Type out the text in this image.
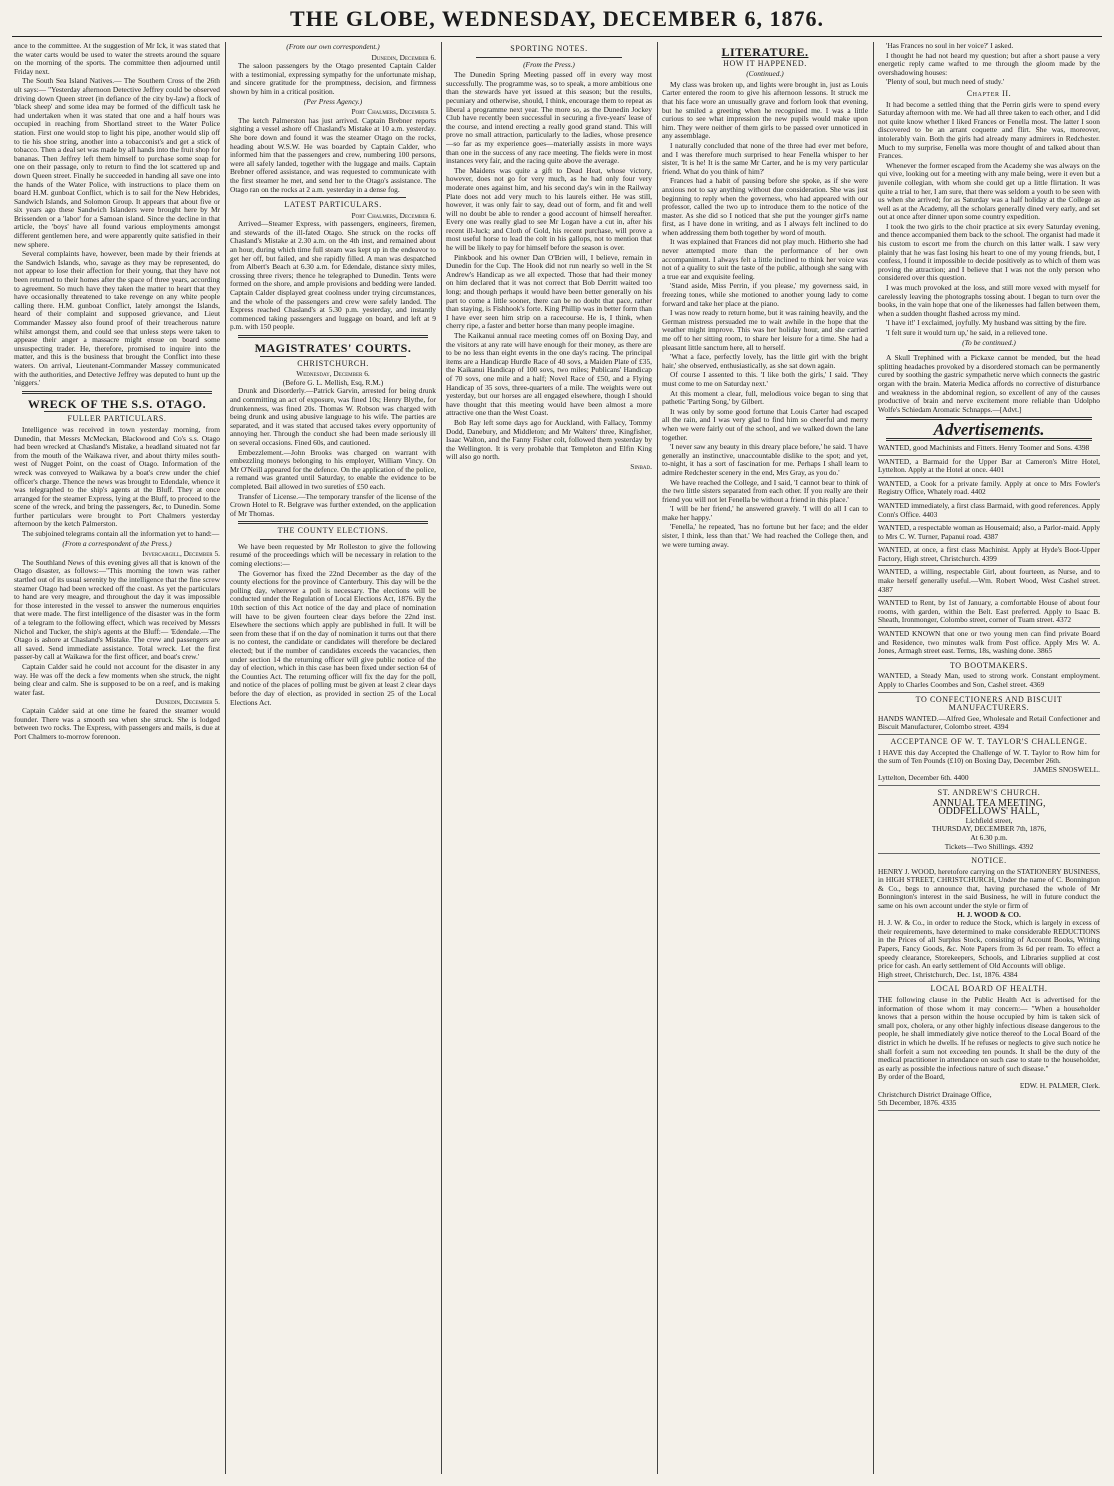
THE GLOBE, WEDNESDAY, DECEMBER 6, 1876.

ance to the committee. At the suggestion of Mr Ick, it was stated that the water carts would be used to water the streets around the square on the morning of the sports. The committee then adjourned until Friday next.

The South Sea Island Natives.— The Southern Cross of the 26th ult says:— "Yesterday afternoon Detective Jeffrey could be observed driving down Queen street (in defiance of the city by-law) a flock of 'black sheep' and some idea may be formed of the difficult task he had undertaken when it was stated that one and a half hours was occupied in reaching from Shortland street to the Water Police station. First one would stop to light his pipe, another would slip off to tie his shoe string, another into a tobacconist's and get a stick of tobacco. Then a deal set was made by all hands into the fruit shop for bananas. Then Jeffrey left them himself to purchase some soap for one on their passage, only to return to find the lot scattered up and down Queen street. Finally he succeeded in handing all save one into the hands of the Water Police, with instructions to place them on board H.M. gunboat Conflict, which is to sail for the New Hebrides, Sandwich Islands, and Solomon Group. It appears that about five or six years ago these Sandwich Islanders were brought here by Mr Brissenden or a 'labor' for a Samoan island. Since the decline in that article, the 'boys' have all found various employments amongst different gentlemen here, and were apparently quite satisfied in their new sphere.

Several complaints have, however, been made by their friends at the Sandwich Islands, who, savage as they may be represented, do not appear to lose their affection for their young, that they have not been returned to their homes after the space of three years, according to agreement. So much have they taken the matter to heart that they have occasionally threatened to take revenge on any white people calling there. H.M. gunboat Conflict, lately amongst the Islands, heard of their complaint and supposed grievance, and Lieut Commander Massey also found proof of their treacherous nature whilst amongst them, and could see that unless steps were taken to appease their anger a massacre might ensue on board some unsuspecting trader. He, therefore, promised to inquire into the matter, and this is the business that brought the Conflict into these waters. On arrival, Lieutenant-Commander Massey communicated with the authorities, and Detective Jeffrey was deputed to hunt up the 'niggers.'

WRECK OF THE S.S. OTAGO.
FULLER PARTICULARS.

Intelligence was received in town yesterday morning, from Dunedin, that Messrs McMeckan, Blackwood and Co's s.s. Otago had been wrecked at Chasland's Mistake, a headland situated not far from the mouth of the Waikawa river, and about thirty miles south-west of Nugget Point, on the coast of Otago. Information of the wreck was conveyed to Waikawa by a boat's crew under the chief officer's charge. Thence the news was brought to Edendale, whence it was telegraphed to the ship's agents at the Bluff. They at once arranged for the steamer Express, lying at the Bluff, to proceed to the scene of the wreck, and bring the passengers, &c, to Dunedin. Some further particulars were brought to Port Chalmers yesterday afternoon by the ketch Palmerston.

The subjoined telegrams contain all the information yet to hand:—

(From a correspondent of the Press.)
Invercargill, December 5.

The Southland News of this evening gives all that is known of the Otago disaster, as follows:—"This morning the town was rather startled out of its usual serenity by the intelligence that the fine screw steamer Otago had been wrecked off the coast. As yet the particulars to hand are very meagre, and throughout the day it was impossible for those interested in the vessel to answer the numerous enquiries that were made. The first intelligence of the disaster was in the form of a telegram to the following effect, which was received by Messrs Nichol and Tucker, the ship's agents at the Bluff:— 'Edendale.—The Otago is ashore at Chasland's Mistake. The crew and passengers are all saved. Send immediate assistance. Total wreck. Let the first passer-by call at Waikawa for the first officer, and boat's crew.'

Captain Calder said he could not account for the disaster in any way. He was off the deck a few moments when she struck, the night being clear and calm. She is supposed to be on a reef, and is making water fast.

Dunedin, December 5.

Captain Calder said at one time he feared the steamer would founder. There was a smooth sea when she struck. She is lodged between two rocks. The Express, with passengers and mails, is due at Port Chalmers to-morrow forenoon.

(From our own correspondent.)
Dunedin, December 6.

The saloon passengers by the Otago presented Captain Calder with a testimonial, expressing sympathy for the unfortunate mishap, and sincere gratitude for the promptness, decision, and firmness shown by him in a critical position.

(Per Press Agency.)
Port Chalmers, December 5.

The ketch Palmerston has just arrived. Captain Brebner reports sighting a vessel ashore off Chasland's Mistake at 10 a.m. yesterday. She bore down and found it was the steamer Otago on the rocks, heading about W.S.W. He was boarded by Captain Calder, who informed him that the passengers and crew, numbering 100 persons, were all safely landed, together with the luggage and mails. Captain Brebner offered assistance, and was requested to communicate with the first steamer he met, and send her to the Otago's assistance. The Otago ran on the rocks at 2 a.m. yesterday in a dense fog.

LATEST PARTICULARS.
Port Chalmers, December 6.

Arrived—Steamer Express, with passengers, engineers, firemen, and stewards of the ill-fated Otago. She struck on the rocks off Chasland's Mistake at 2.30 a.m. on the 4th inst, and remained about an hour, during which time full steam was kept up in the endeavor to get her off, but failed, and she rapidly filled. A man was despatched from Albert's Beach at 6.30 a.m. for Edendale, distance sixty miles, crossing three rivers; thence he telegraphed to Dunedin. Tents were formed on the shore, and ample provisions and bedding were landed. Captain Calder displayed great coolness under trying circumstances, and the whole of the passengers and crew were safely landed. The Express reached Chasland's at 5.30 p.m. yesterday, and instantly commenced taking passengers and luggage on board, and left at 9 p.m. with 150 people.

MAGISTRATES' COURTS.
CHRISTCHURCH.
Wednesday, December 6.
(Before G. L. Mellish, Esq, R.M.)

Drunk and Disorderly.—Patrick Garvin, arrested for being drunk and committing an act of exposure, was fined 10s; Henry Blythe, for drunkenness, was fined 20s. Thomas W. Robson was charged with being drunk and using abusive language to his wife. The parties are separated, and it was stated that accused takes every opportunity of annoying her. Through the conduct she had been made seriously ill on several occasions. Fined 60s, and cautioned.

Embezzlement.—John Brooks was charged on warrant with embezzling moneys belonging to his employer, William Vincy. On Mr O'Neill appeared for the defence. On the application of the police, a remand was granted until Saturday, to enable the evidence to be completed. Bail allowed in two sureties of £50 each.

Transfer of License.—The temporary transfer of the license of the Crown Hotel to R. Belgrave was further extended, on the application of Mr Thomas.

THE COUNTY ELECTIONS.

We have been requested by Mr Rolleston to give the following resumé of the proceedings which will be necessary in relation to the coming elections:—

The Governor has fixed the 22nd December as the day of the county elections for the province of Canterbury. This day will be the polling day, wherever a poll is necessary. The elections will be conducted under the Regulation of Local Elections Act, 1876. By the 10th section of this Act notice of the day and place of nomination will have to be given fourteen clear days before the 22nd inst. Elsewhere the sections which apply are published in full. It will be seen from these that if on the day of nomination it turns out that there is no contest, the candidate or candidates will therefore be declared elected; but if the number of candidates exceeds the vacancies, then under section 14 the returning officer will give public notice of the day of election, which in this case has been fixed under section 64 of the Counties Act. The returning officer will fix the day for the poll, and notice of the places of polling must be given at least 2 clear days before the day of election, as provided in section 25 of the Local Elections Act.

SPORTING NOTES.
(From the Press.)

The Dunedin Spring Meeting passed off in every way most successfully. The programme was, so to speak, a more ambitious one than the stewards have yet issued at this season; but the results, pecuniary and otherwise, should, I think, encourage them to repeat as liberal a programme next year. The more so, as the Dunedin Jockey Club have recently been successful in securing a five-years' lease of the course, and intend erecting a really good grand stand. This will prove no small attraction, particularly to the ladies, whose presence—so far as my experience goes—materially assists in more ways than one in the success of any race meeting. The fields were in most instances very fair, and the racing quite above the average.

The Maidens was quite a gift to Dead Heat, whose victory, however, does not go for very much, as he had only four very moderate ones against him, and his second day's win in the Railway Plate does not add very much to his laurels either. He was still, however, it was only fair to say, dead out of form, and fit and well will no doubt be able to render a good account of himself hereafter. Every one was really glad to see Mr Logan have a cut in, after his recent ill-luck; and Cloth of Gold, his recent purchase, will prove a most useful horse to lead the colt in his gallops, not to mention that he will be likely to pay for himself before the season is over.

Pinkbook and his owner Dan O'Brien will, I believe, remain in Dunedin for the Cup. The Hook did not run nearly so well in the St Andrew's Handicap as we all expected. Those that had their money on him declared that it was not correct that Bob Derritt waited too long; and though perhaps it would have been better generally on his part to come a little sooner, there can be no doubt that pace, rather than staying, is Fishhook's forte. King Phillip was in better form than I have ever seen him strip on a racecourse. He is, I think, when cherry ripe, a faster and better horse than many people imagine.

The Kaikanui annual race meeting comes off on Boxing Day, and the visitors at any rate will have enough for their money, as there are to be no less than eight events in the one day's racing. The principal items are a Handicap Hurdle Race of 40 sovs, a Maiden Plate of £35, the Kaikanui Handicap of 100 sovs, two miles; Publicans' Handicap of 70 sovs, one mile and a half; Novel Race of £50, and a Flying Handicap of 35 sovs, three-quarters of a mile. The weights were out yesterday, but our horses are all engaged elsewhere, though I should have thought that this meeting would have been almost a more attractive one than the West Coast.

Bob Ray left some days ago for Auckland, with Fallacy, Tommy Dodd, Danebury, and Middleton; and Mr Walters' three, Kingfisher, Isaac Walton, and the Fanny Fisher colt, followed them yesterday by the Wellington. It is very probable that Templeton and Elfin King will also go north.

Sinbad.
LITERATURE.
HOW IT HAPPENED.
(Continued.)

My class was broken up, and lights were brought in, just as Louis Carter entered the room to give his afternoon lessons. It struck me that his face wore an unusually grave and forlorn look that evening, but he smiled a greeting when he recognised me. I was a little curious to see what impression the new pupils would make upon him. They were neither of them girls to be passed over unnoticed in any assemblage.

I naturally concluded that none of the three had ever met before, and I was therefore much surprised to hear Fenella whisper to her sister, 'It is he! It is the same Mr Carter, and he is my very particular friend. What do you think of him?'

Frances had a habit of pausing before she spoke, as if she were anxious not to say anything without due consideration. She was just beginning to reply when the governess, who had appeared with our professor, called the two up to introduce them to the notice of the master. As she did so I noticed that she put the younger girl's name first, as I have done in writing, and as I always felt inclined to do when addressing them both together by word of mouth.

It was explained that Frances did not play much. Hitherto she had never attempted more than the performance of her own accompaniment. I always felt a little inclined to think her voice was not of a quality to suit the taste of the public, although she sang with a true ear and exquisite feeling.

'Stand aside, Miss Perrin, if you please,' my governess said, in freezing tones, while she motioned to another young lady to come forward and take her place at the piano.

I was now ready to return home, but it was raining heavily, and the German mistress persuaded me to wait awhile in the hope that the weather might improve. This was her holiday hour, and she carried me off to her sitting room, to share her leisure for a time. She had a pleasant little sanctum here, all to herself.

'What a face, perfectly lovely, has the little girl with the bright hair,' she observed, enthusiastically, as she sat down again.

Of course I assented to this. 'I like both the girls,' I said. 'They must come to me on Saturday next.'

At this moment a clear, full, melodious voice began to sing that pathetic 'Parting Song,' by Gilbert.

It was only by some good fortune that Louis Carter had escaped all the rain, and I was very glad to find him so cheerful and merry when we were fairly out of the school, and we walked down the lane together.

'I never saw any beauty in this dreary place before,' he said. 'I have generally an instinctive, unaccountable dislike to the spot; and yet, to-night, it has a sort of fascination for me. Perhaps I shall learn to admire Redchester scenery in the end, Mrs Gray, as you do.'

We have reached the College, and I said, 'I cannot bear to think of the two little sisters separated from each other. If you really are their friend you will not let Fenella be without a friend in this place.'

'I will be her friend,' he answered gravely. 'I will do all I can to make her happy.'

'Fenella,' he repeated, 'has no fortune but her face; and the elder sister, I think, less than that.' We had reached the College then, and we were turning away.

'Has Frances no soul in her voice?' I asked.

I thought he had not heard my question; but after a short pause a very energetic reply came wafted to me through the gloom made by the overshadowing houses:

'Plenty of soul, but much need of study.'

Chapter II.

It had become a settled thing that the Perrin girls were to spend every Saturday afternoon with me. We had all three taken to each other, and I did not quite know whether I liked Frances or Fenella most. The latter I soon discovered to be an arrant coquette and flirt. She was, moreover, intolerably vain. Both the girls had already many admirers in Redchester. Much to my surprise, Fenella was more thought of and talked about than Frances.

Whenever the former escaped from the Academy she was always on the qui vive, looking out for a meeting with any male being, were it even but a juvenile collegian, with whom she could get up a little flirtation. It was quite a trial to her, I am sure, that there was seldom a youth to be seen with us when she arrived; for as Saturday was a half holiday at the College as well as at the Academy, all the scholars generally dined very early, and set out at once after dinner upon some country expedition.

I took the two girls to the choir practice at six every Saturday evening, and thence accompanied them back to the school. The organist had made it his custom to escort me from the church on this latter walk. I saw very plainly that he was fast losing his heart to one of my young friends, but, I confess, I found it impossible to decide positively as to which of them was proving the attraction; and I believe that I was not the only person who considered over this question.

I was much provoked at the loss, and still more vexed with myself for carelessly leaving the photographs tossing about. I began to turn over the books, in the vain hope that one of the likenesses had fallen between them, when a sudden thought flashed across my mind.

'I have it!' I exclaimed, joyfully. My husband was sitting by the fire.

'I felt sure it would turn up,' he said, in a relieved tone.

(To be continued.)

A Skull Trephined with a Pickaxe cannot be mended, but the head splitting headaches provoked by a disordered stomach can be permanently cured by soothing the gastric sympathetic nerve which connects the gastric organ with the brain. Materia Medica affords no corrective of disturbance and weakness in the abdominal region, so excellent of any of the causes productive of brain and nerve excitement more reliable than Udolpho Wolfe's Schiedam Aromatic Schnapps.—[Advt.]

Advertisements.
WANTED, good Machinists and Fitters. Henry Toomer and Sons. 4398
WANTED, a Barmaid for the Upper Bar at Cameron's Mitre Hotel, Lyttelton. Apply at the Hotel at once. 4401
WANTED, a Cook for a private family. Apply at once to Mrs Fowler's Registry Office, Whately road. 4402
WANTED immediately, a first class Barmaid, with good references. Apply Conn's Office. 4403
WANTED, a respectable woman as Housemaid; also, a Parlor-maid. Apply to Mrs C. W. Turner, Papanui road. 4387
WANTED, at once, a first class Machinist. Apply at Hyde's Boot-Upper Factory, High street, Christchurch. 4399
WANTED, a willing, respectable Girl, about fourteen, as Nurse, and to make herself generally useful.—Wm. Robert Wood, West Cashel street. 4387
WANTED to Rent, by 1st of January, a comfortable House of about four rooms, with garden, within the Belt. East preferred. Apply to Isaac B. Sheath, Ironmonger, Colombo street, corner of Tuam street. 4372
WANTED KNOWN that one or two young men can find private Board and Residence, two minutes walk from Post office. Apply Mrs W. A. Jones, Armagh street east. Terms, 18s, washing done. 3865
TO BOOTMAKERS.
WANTED, a Steady Man, used to strong work. Constant employment. Apply to Charles Coombes and Son, Cashel street. 4369
TO CONFECTIONERS AND BISCUIT MANUFACTURERS.
HANDS WANTED.—Alfred Gee, Wholesale and Retail Confectioner and Biscuit Manufacturer, Colombo street. 4394
ACCEPTANCE OF W. T. TAYLOR'S CHALLENGE.
I HAVE this day Accepted the Challenge of W. T. Taylor to Row him for the sum of Ten Pounds (£10) on Boxing Day, December 26th.
JAMES SNOSWELL.
Lyttelton, December 6th. 4400
ST. ANDREW'S CHURCH.
ANNUAL TEA MEETING,
ODDFELLOWS' HALL,
Lichfield street,
THURSDAY, DECEMBER 7th, 1876,
At 6.30 p.m.
Tickets—Two Shillings. 4392
NOTICE.
HENRY J. WOOD, heretofore carrying on the STATIONERY BUSINESS, in HIGH STREET, CHRISTCHURCH, Under the name of C. Bonnington & Co., begs to announce that, having purchased the whole of Mr Bonnington's interest in the said Business, he will in future conduct the same on his own account under the style or firm of
H. J. WOOD & CO.
H. J. W. & Co., in order to reduce the Stock, which is largely in excess of their requirements, have determined to make considerable REDUCTIONS in the Prices of all Surplus Stock, consisting of Account Books, Writing Papers, Fancy Goods, &c. Note Papers from 3s 6d per ream. To effect a speedy clearance, Storekeepers, Schools, and Libraries supplied at cost price for cash. An early settlement of Old Accounts will oblige.
High street, Christchurch, Dec. 1st, 1876. 4384
LOCAL BOARD OF HEALTH.
THE following clause in the Public Health Act is advertised for the information of those whom it may concern:— "When a householder knows that a person within the house occupied by him is taken sick of small pox, cholera, or any other highly infectious disease dangerous to the people, he shall immediately give notice thereof to the Local Board of the district in which he dwells. If he refuses or neglects to give such notice he shall forfeit a sum not exceeding ten pounds. It shall be the duty of the medical practitioner in attendance on such case to state to the householder, as early as possible the infectious nature of such disease."
By order of the Board,
EDW. H. PALMER, Clerk.
Christchurch District Drainage Office,
5th December, 1876. 4335
